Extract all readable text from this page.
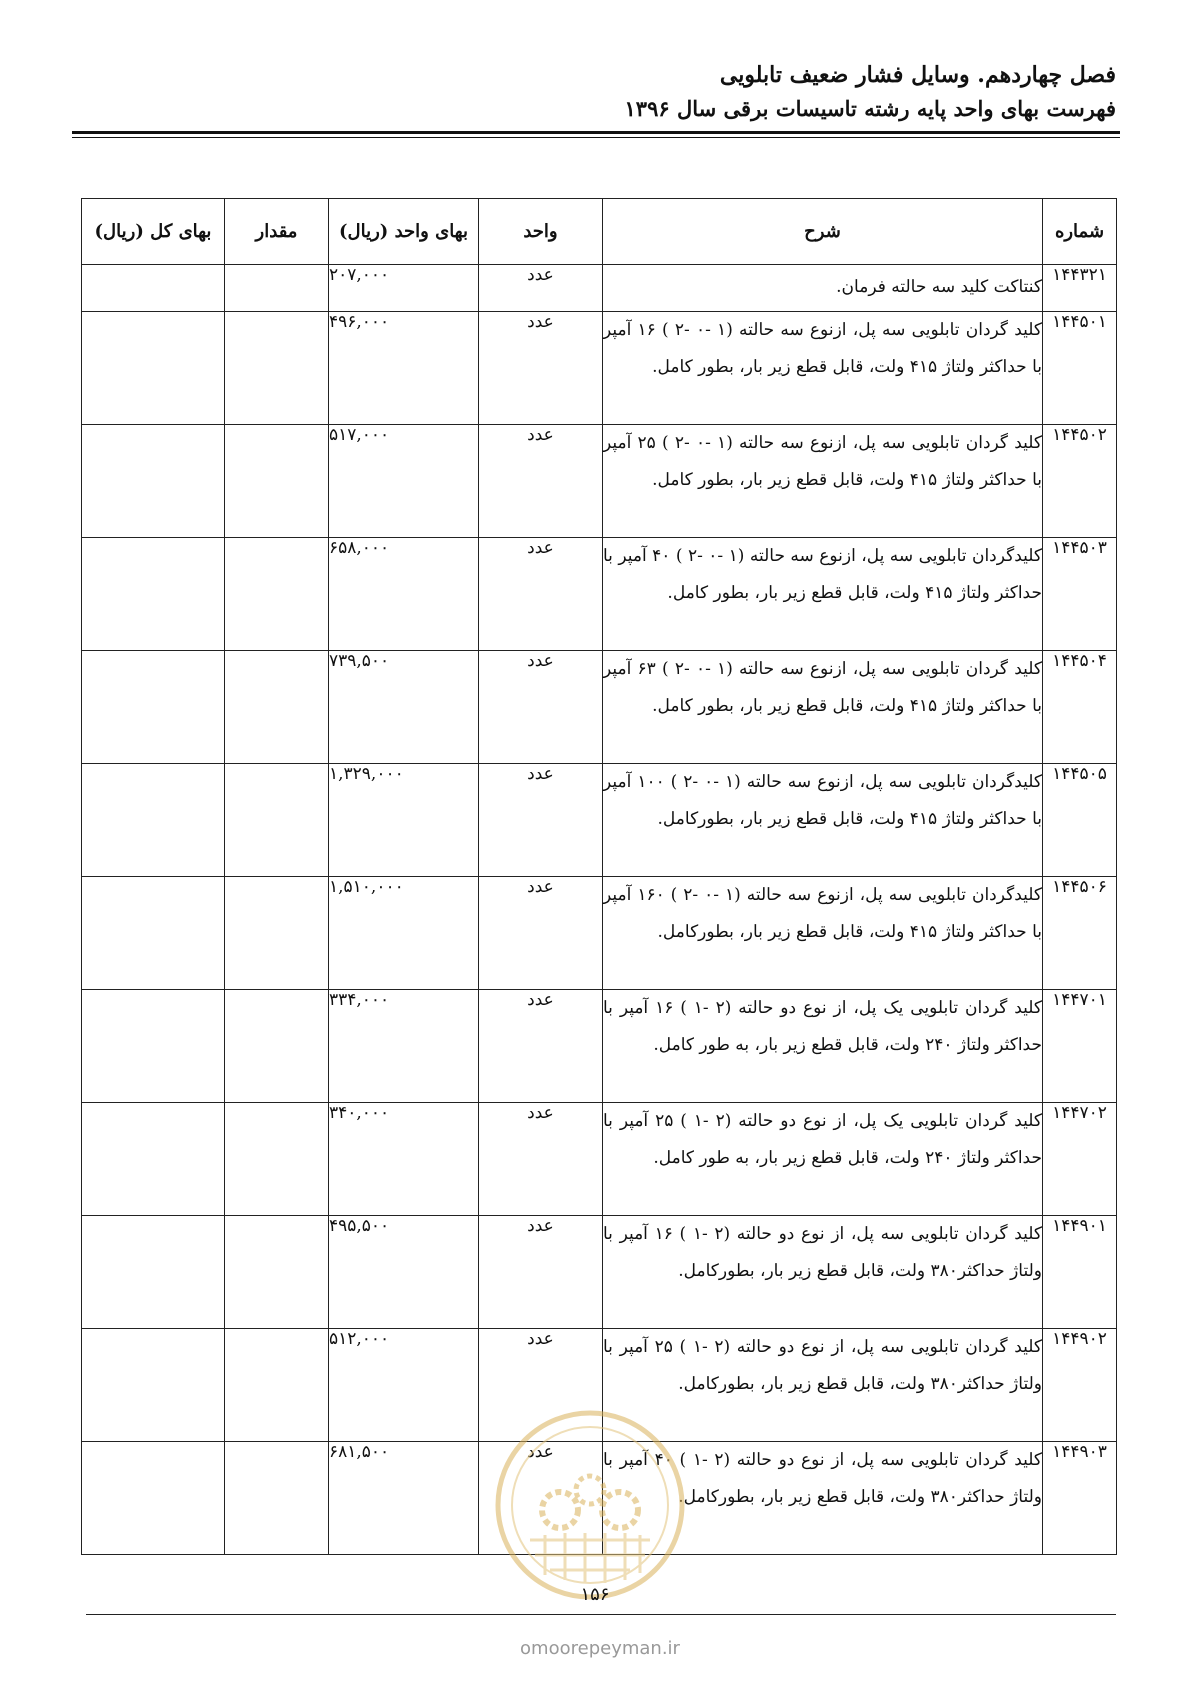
فصل چهاردهم. وسایل فشار ضعیف تابلویی
فهرست بهای واحد پایه رشته تاسیسات برقی سال ۱۳۹۶
شماره	شرح	واحد	بهای واحد (ریال)	مقدار	بهای کل (ریال)
۱۴۴۳۲۱	کنتاکت کلید سه حالته فرمان.	عدد	۲۰۷,۰۰۰		
۱۴۴۵۰۱	کلید گردان تابلویی سه پل، ازنوع سه حالته (۱ -۰ -۲ ) ۱۶ آمپر با حداکثر ولتاژ ۴۱۵ ولت، قابل قطع زیر بار، بطور کامل.	عدد	۴۹۶,۰۰۰		
۱۴۴۵۰۲	کلید گردان تابلویی سه پل، ازنوع سه حالته (۱ -۰ -۲ ) ۲۵ آمپر با حداکثر ولتاژ ۴۱۵ ولت، قابل قطع زیر بار، بطور کامل.	عدد	۵۱۷,۰۰۰		
۱۴۴۵۰۳	کلیدگردان تابلویی سه پل، ازنوع سه حالته (۱ -۰ -۲ ) ۴۰ آمپر با حداکثر ولتاژ ۴۱۵ ولت، قابل قطع زیر بار، بطور کامل.	عدد	۶۵۸,۰۰۰		
۱۴۴۵۰۴	کلید گردان تابلویی سه پل، ازنوع سه حالته (۱ -۰ -۲ ) ۶۳ آمپر با حداکثر ولتاژ ۴۱۵ ولت، قابل قطع زیر بار، بطور کامل.	عدد	۷۳۹,۵۰۰		
۱۴۴۵۰۵	کلیدگردان تابلویی سه پل، ازنوع سه حالته (۱ -۰ -۲ ) ۱۰۰ آمپر با حداکثر ولتاژ ۴۱۵ ولت، قابل قطع زیر بار، بطورکامل.	عدد	۱,۳۲۹,۰۰۰		
۱۴۴۵۰۶	کلیدگردان تابلویی سه پل، ازنوع سه حالته (۱ -۰ -۲ ) ۱۶۰ آمپر با حداکثر ولتاژ ۴۱۵ ولت، قابل قطع زیر بار، بطورکامل.	عدد	۱,۵۱۰,۰۰۰		
۱۴۴۷۰۱	کلید گردان تابلویی یک پل، از نوع دو حالته (۲ -۱ ) ۱۶ آمپر با حداکثر ولتاژ ۲۴۰ ولت، قابل قطع زیر بار، به طور کامل.	عدد	۳۳۴,۰۰۰		
۱۴۴۷۰۲	کلید گردان تابلویی یک پل، از نوع دو حالته (۲ -۱ ) ۲۵ آمپر با حداکثر ولتاژ ۲۴۰ ولت، قابل قطع زیر بار، به طور کامل.	عدد	۳۴۰,۰۰۰		
۱۴۴۹۰۱	کلید گردان تابلویی سه پل، از نوع دو حالته (۲ -۱ ) ۱۶ آمپر با ولتاژ حداکثر۳۸۰ ولت، قابل قطع زیر بار، بطورکامل.	عدد	۴۹۵,۵۰۰		
۱۴۴۹۰۲	کلید گردان تابلویی سه پل، از نوع دو حالته (۲ -۱ ) ۲۵ آمپر با ولتاژ حداکثر۳۸۰ ولت، قابل قطع زیر بار، بطورکامل.	عدد	۵۱۲,۰۰۰		
۱۴۴۹۰۳	کلید گردان تابلویی سه پل، از نوع دو حالته (۲ -۱ ) ۴۰ آمپر با ولتاژ حداکثر۳۸۰ ولت، قابل قطع زیر بار، بطورکامل.	عدد	۶۸۱,۵۰۰		
۱۵۶
omoorepeyman.ir
